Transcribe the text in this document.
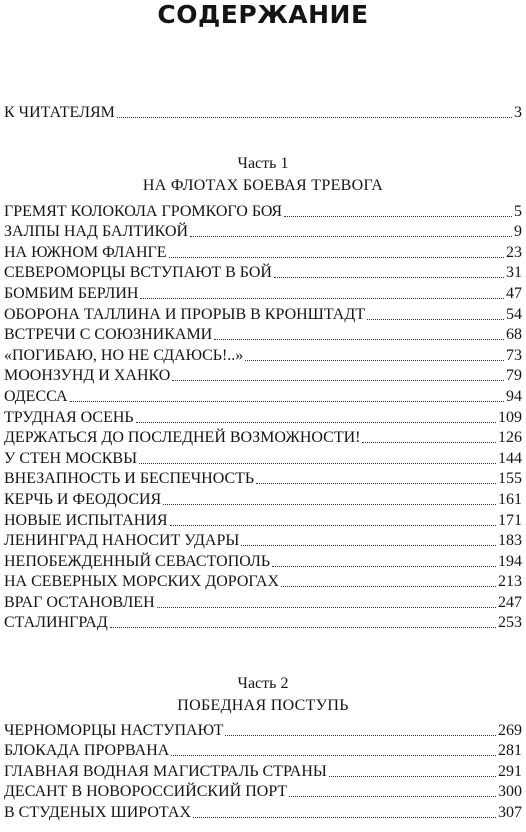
СОДЕРЖАНИЕ
К ЧИТАТЕЛЯМ	3
Часть 1
НА ФЛОТАХ БОЕВАЯ ТРЕВОГА
ГРЕМЯТ КОЛОКОЛА ГРОМКОГО БОЯ	5
ЗАЛПЫ НАД БАЛТИКОЙ	9
НА ЮЖНОМ ФЛАНГЕ	23
СЕВЕРОМОРЦЫ ВСТУПАЮТ В БОЙ	31
БОМБИМ БЕРЛИН	47
ОБОРОНА ТАЛЛИНА И ПРОРЫВ В КРОНШТАДТ	54
ВСТРЕЧИ С СОЮЗНИКАМИ	68
«ПОГИБАЮ, НО НЕ СДАЮСЬ!..»	73
МООНЗУНД И ХАНКО	79
ОДЕССА	94
ТРУДНАЯ ОСЕНЬ	109
ДЕРЖАТЬСЯ ДО ПОСЛЕДНЕЙ ВОЗМОЖНОСТИ!	126
У СТЕН МОСКВЫ	144
ВНЕЗАПНОСТЬ И БЕСПЕЧНОСТЬ	155
КЕРЧЬ И ФЕОДОСИЯ	161
НОВЫЕ ИСПЫТАНИЯ	171
ЛЕНИНГРАД НАНОСИТ УДАРЫ	183
НЕПОБЕЖДЕННЫЙ СЕВАСТОПОЛЬ	194
НА СЕВЕРНЫХ МОРСКИХ ДОРОГАХ	213
ВРАГ ОСТАНОВЛЕН	247
СТАЛИНГРАД	253
Часть 2
ПОБЕДНАЯ ПОСТУПЬ
ЧЕРНОМОРЦЫ НАСТУПАЮТ	269
БЛОКАДА ПРОРВАНА	281
ГЛАВНАЯ ВОДНАЯ МАГИСТРАЛЬ СТРАНЫ	291
ДЕСАНТ В НОВОРОССИЙСКИЙ ПОРТ	300
В СТУДЕНЫХ ШИРОТАХ	307
